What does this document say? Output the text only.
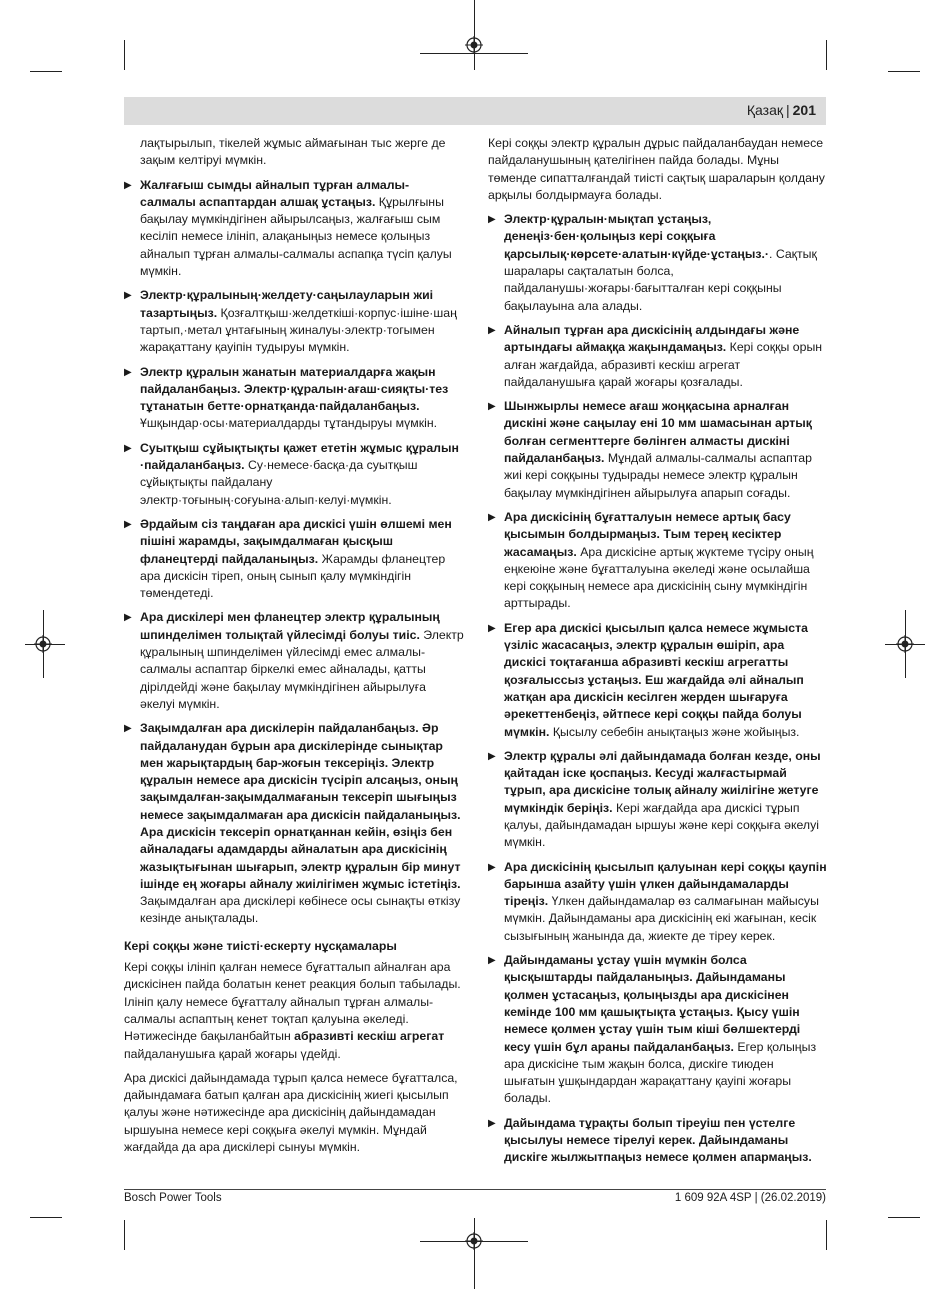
Қазақ | 201
лақтырылып, тікелей жұмыс аймағынан тыс жерге де зақым келтіруі мүмкін.
▶ Жалғағыш сымды айналып тұрған алмалы-салмалы аспаптардан алшақ ұстаңыз. Құрылғыны бақылау мүмкіндігінен айырылсаңыз, жалғағыш сым кесіліп немесе ілініп, алақаныңыз немесе қолыңыз айналып тұрған алмалы-салмалы аспапқа түсіп қалуы мүмкін.
▶ Электр·құралының·желдету·саңылауларын жиі тазартыңыз. Қозғалтқыш·желдеткіші·корпус·ішіне·шаң тартып,·метал ұнтағының жиналуы·электр·тогымен жарақаттану қауіпін тудыруы мүмкін.
▶ Электр құралын жанатын материалдарға жақын пайдаланбаңыз. Электр·құралын·ағаш·сияқты·тез тұтанатын бетте·орнатқанда·пайдаланбаңыз. Ұшқындар·осы·материалдарды тұтандыруы мүмкін.
▶ Суытқыш сұйықтықты қажет ететін жұмыс құралын ·пайдаланбаңыз. Су·немесе·басқа·да суытқыш сұйықтықты пайдалану электр·тоғының·соғуына·алып·келуі·мүмкін.
▶ Әрдайым сіз таңдаған ара дискісі үшін өлшемі мен пішіні жарамды, зақымдалмаған қысқыш фланецтерді пайдаланыңыз. Жарамды фланецтер ара дискісін тіреп, оның сынып қалу мүмкіндігін төмендетеді.
▶ Ара дискілері мен фланецтер электр құралының шпинделімен толықтай үйлесімді болуы тиіс. Электр құралының шпинделімен үйлесімді емес алмалы-салмалы аспаптар біркелкі емес айналады, қатты дірілдейді және бақылау мүмкіндігінен айырылуға әкелуі мүмкін.
▶ Зақымдалған ара дискілерін пайдаланбаңыз. Әр пайдаланудан бұрын ара дискілерінде сынықтар мен жарықтардың бар-жоғын тексеріңіз. Электр құралын немесе ара дискісін түсіріп алсаңыз, оның зақымдалған-зақымдалмағанын тексеріп шығыңыз немесе зақымдалмаған ара дискісін пайдаланыңыз. Ара дискісін тексеріп орнатқаннан кейін, өзіңіз бен айналадағы адамдарды айналатын ара дискісінің жазықтығынан шығарып, электр құралын бір минут ішінде ең жоғары айналу жиілігімен жұмыс істетіңіз. Зақымдалған ара дискілері көбінесе осы сынақты өткізу кезінде анықталады.
Кері соққы және тиісті·ескерту нұсқамалары
Кері соққы ілініп қалған немесе бұғатталып айналған ара дискісінен пайда болатын кенет реакция болып табылады. Ілініп қалу немесе бұғатталу айналып тұрған алмалы-салмалы аспаптың кенет тоқтап қалуына әкеледі. Нәтижесінде бақыланбайтын абразивті кескіш агрегат пайдаланушыға қарай жоғары үдейді.
Ара дискісі дайындамада тұрып қалса немесе бұғатталса, дайындамаға батып қалған ара дискісінің жиегі қысылып қалуы және нәтижесінде ара дискісінің дайындамадан ыршуына немесе кері соққыға әкелуі мүмкін. Мұндай жағдайда да ара дискілері сынуы мүмкін.
Кері соққы электр құралын дұрыс пайдаланбаудан немесе пайдаланушының қателігінен пайда болады. Мұны төменде сипатталғандай тиісті сақтық шараларын қолдану арқылы болдырмауға болады.
▶ Электр·құралын·мықтап ұстаңыз, денеңіз·бен·қолыңыз кері соққыға қарсылық·көрсете·алатын·күйде·ұстаңыз.·. Сақтық шаралары сақталатын болса, пайдаланушы·жоғары·бағытталған кері соққыны бақылауына ала алады.
▶ Айналып тұрған ара дискісінің алдындағы және артындағы аймаққа жақындамаңыз. Кері соққы орын алған жағдайда, абразивті кескіш агрегат пайдаланушыға қарай жоғары қозғалады.
▶ Шынжырлы немесе ағаш жоңқасына арналған дискіні және саңылау ені 10 мм шамасынан артық болған сегменттерге бөлінген алмасты дискіні пайдаланбаңыз. Мұндай алмалы-салмалы аспаптар жиі кері соққыны тудырады немесе электр құралын бақылау мүмкіндігінен айырылуға апарып соғады.
▶ Ара дискісінің бұғатталуын немесе артық басу қысымын болдырмаңыз. Тым терең кесіктер жасамаңыз. Ара дискісіне артық жүктеме түсіру оның еңкеюіне және бұғатталуына әкеледі және осылайша кері соққының немесе ара дискісінің сыну мүмкіндігін арттырады.
▶ Егер ара дискісі қысылып қалса немесе жұмыста үзіліс жасасаңыз, электр құралын өшіріп, ара дискісі тоқтағанша абразивті кескіш агрегатты қозғалыссыз ұстаңыз. Еш жағдайда әлі айналып жатқан ара дискісін кесілген жерден шығаруға әрекеттенбеңіз, әйтпесе кері соққы пайда болуы мүмкін. Қысылу себебін анықтаңыз және жойыңыз.
▶ Электр құралы әлі дайындамада болған кезде, оны қайтадан іске қоспаңыз. Кесуді жалғастырмай тұрып, ара дискісіне толық айналу жиілігіне жетуге мүмкіндік беріңіз. Кері жағдайда ара дискісі тұрып қалуы, дайындамадан ыршуы және кері соққыға әкелуі мүмкін.
▶ Ара дискісінің қысылып қалуынан кері соққы қаупін барынша азайту үшін үлкен дайындамаларды тіреңіз. Үлкен дайындамалар өз салмағынан майысуы мүмкін. Дайындаманы ара дискісінің екі жағынан, кесік сызығының жанында да, жиекте де тіреу керек.
▶ Дайындаманы ұстау үшін мүмкін болса қысқыштарды пайдаланыңыз. Дайындаманы қолмен ұстасаңыз, қолыңызды ара дискісінен кемінде 100 мм қашықтықта ұстаңыз. Қысу үшін немесе қолмен ұстау үшін тым кіші бөлшектерді кесу үшін бұл араны пайдаланбаңыз. Егер қолыңыз ара дискісіне тым жақын болса, дискіге тиюден шығатын ұшқындардан жарақаттану қауіпі жоғары болады.
▶ Дайындама тұрақты болып тіреуіш пен үстелге қысылуы немесе тірелуі керек. Дайындаманы дискіге жылжытпаңыз немесе қолмен апармаңыз.
Bosch Power Tools	1 609 92A 4SP | (26.02.2019)
